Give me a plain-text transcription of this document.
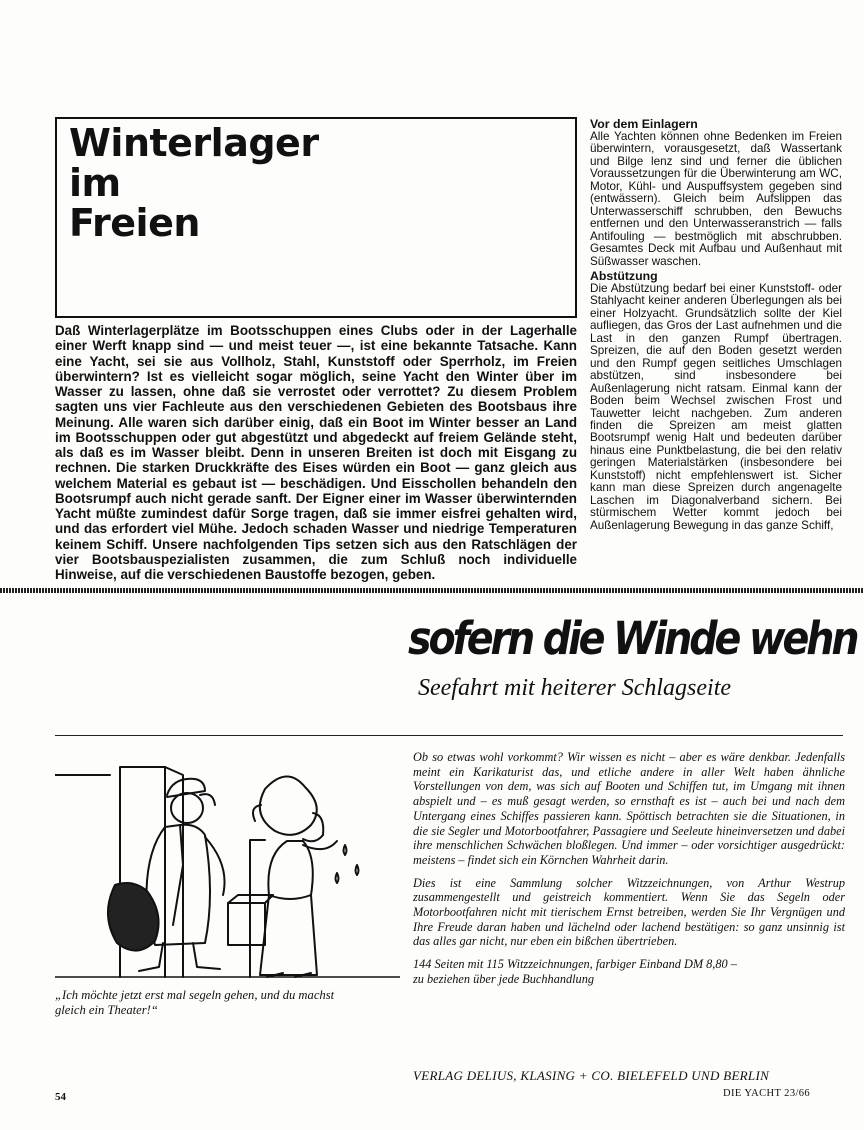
Winterlager
im
Freien

Daß Winterlagerplätze im Bootsschuppen eines Clubs oder in der Lagerhalle einer Werft knapp sind — und meist teuer —, ist eine bekannte Tatsache. Kann eine Yacht, sei sie aus Vollholz, Stahl, Kunststoff oder Sperrholz, im Freien überwintern? Ist es vielleicht sogar möglich, seine Yacht den Winter über im Wasser zu lassen, ohne daß sie verrostet oder verrottet? Zu diesem Problem sagten uns vier Fachleute aus den verschiedenen Gebieten des Bootsbaus ihre Meinung. Alle waren sich darüber einig, daß ein Boot im Winter besser an Land im Bootsschuppen oder gut abgestützt und abgedeckt auf freiem Gelände steht, als daß es im Wasser bleibt. Denn in unseren Breiten ist doch mit Eisgang zu rechnen. Die starken Druckkräfte des Eises würden ein Boot — ganz gleich aus welchem Material es gebaut ist — beschädigen. Und Eisschollen behandeln den Bootsrumpf auch nicht gerade sanft. Der Eigner einer im Wasser überwinternden Yacht müßte zumindest dafür Sorge tragen, daß sie immer eisfrei gehalten wird, und das erfordert viel Mühe. Jedoch schaden Wasser und niedrige Temperaturen keinem Schiff. Unsere nachfolgenden Tips setzen sich aus den Ratschlägen der vier Bootsbauspezialisten zusammen, die zum Schluß noch individuelle Hinweise, auf die verschiedenen Baustoffe bezogen, geben.

Vor dem Einlagern

Alle Yachten können ohne Bedenken im Freien überwintern, vorausgesetzt, daß Wassertank und Bilge lenz sind und ferner die üblichen Voraussetzungen für die Überwinterung am WC, Motor, Kühl- und Auspuffsystem gegeben sind (entwässern). Gleich beim Aufslippen das Unterwasserschiff schrubben, den Bewuchs entfernen und den Unterwasseranstrich — falls Antifouling — bestmöglich mit abschrubben. Gesamtes Deck mit Aufbau und Außenhaut mit Süßwasser waschen.

Abstützung

Die Abstützung bedarf bei einer Kunststoff- oder Stahlyacht keiner anderen Überlegungen als bei einer Holzyacht. Grundsätzlich sollte der Kiel aufliegen, das Gros der Last aufnehmen und die Last in den ganzen Rumpf übertragen. Spreizen, die auf den Boden gesetzt werden und den Rumpf gegen seitliches Umschlagen abstützen, sind insbesondere bei Außenlagerung nicht ratsam. Einmal kann der Boden beim Wechsel zwischen Frost und Tauwetter leicht nachgeben. Zum anderen finden die Spreizen am meist glatten Bootsrumpf wenig Halt und bedeuten darüber hinaus eine Punktbelastung, die bei den relativ geringen Materialstärken (insbesondere bei Kunststoff) nicht empfehlenswert ist. Sicher kann man diese Spreizen durch angenagelte Laschen im Diagonalverband sichern. Bei stürmischem Wetter kommt jedoch bei Außenlagerung Bewegung in das ganze Schiff,

sofern die Winde wehn
Seefahrt mit heiterer Schlagseite

„Ich möchte jetzt erst mal segeln gehen, und du machst gleich ein Theater!“

Ob so etwas wohl vorkommt? Wir wissen es nicht – aber es wäre denkbar. Jedenfalls meint ein Karikaturist das, und etliche andere in aller Welt haben ähnliche Vorstellungen von dem, was sich auf Booten und Schiffen tut, im Umgang mit ihnen abspielt und – es muß gesagt werden, so ernsthaft es ist – auch bei und nach dem Untergang eines Schiffes passieren kann. Spöttisch betrachten sie die Situationen, in die sie Segler und Motorbootfahrer, Passagiere und Seeleute hineinversetzen und dabei ihre menschlichen Schwächen bloßlegen. Und immer – oder vorsichtiger ausgedrückt: meistens – findet sich ein Körnchen Wahrheit darin.

Dies ist eine Sammlung solcher Witzzeichnungen, von Arthur Westrup zusammengestellt und geistreich kommentiert. Wenn Sie das Segeln oder Motorbootfahren nicht mit tierischem Ernst betreiben, werden Sie Ihr Vergnügen und Ihre Freude daran haben und lächelnd oder lachend bestätigen: so ganz unsinnig ist das alles gar nicht, nur eben ein bißchen übertrieben.

144 Seiten mit 115 Witzzeichnungen, farbiger Einband DM 8,80 –
zu beziehen über jede Buchhandlung

VERLAG DELIUS, KLASING + CO. BIELEFELD UND BERLIN
54	DIE YACHT 23/66
